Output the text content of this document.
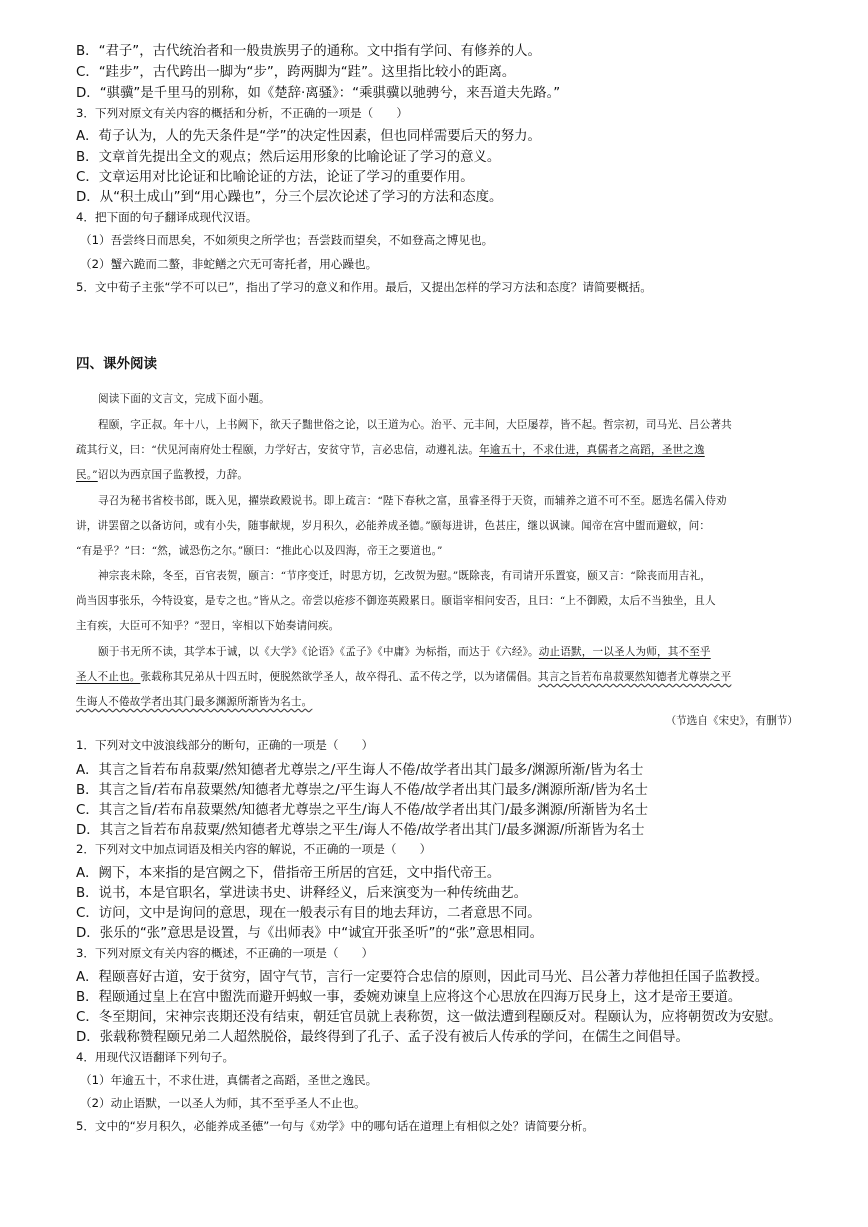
B．“君子”，古代统治者和一般贵族男子的通称。文中指有学问、有修养的人。
C．“跬步”，古代跨出一脚为“步”，跨两脚为“跬”。这里指比较小的距离。
D．“骐骥”是千里马的别称，如《楚辞·离骚》：“乘骐骥以驰骋兮，来吾道夫先路。”
3．下列对原文有关内容的概括和分析，不正确的一项是（　　）
A．荀子认为，人的先天条件是“学”的决定性因素，但也同样需要后天的努力。
B．文章首先提出全文的观点；然后运用形象的比喻论证了学习的意义。
C．文章运用对比论证和比喻论证的方法，论证了学习的重要作用。
D．从“积土成山”到“用心躁也”，分三个层次论述了学习的方法和态度。
4．把下面的句子翻译成现代汉语。
（1）吾尝终日而思矣，不如须臾之所学也；吾尝跂而望矣，不如登高之博见也。
（2）蟹六跪而二螯，非蛇鳝之穴无可寄托者，用心躁也。
5．文中荀子主张“学不可以已”，指出了学习的意义和作用。最后，又提出怎样的学习方法和态度？请简要概括。
四、课外阅读
阅读下面的文言文，完成下面小题。
程颐，字正叔。年十八，上书阙下，欲天子黜世俗之论，以王道为心。治平、元丰间，大臣屡荐，皆不起。哲宗初，司马光、吕公著共
疏其行义，曰：“伏见河南府处士程颐，力学好古，安贫守节，言必忠信，动遵礼法。年逾五十，不求仕进，真儒者之高蹈，圣世之逸
民。”诏以为西京国子监教授，力辞。
寻召为秘书省校书郎，既入见，擢崇政殿说书。即上疏言：“陛下春秋之富，虽睿圣得于天资，而辅养之道不可不至。愿选名儒入侍劝
讲，讲罢留之以备访问，或有小失，随事献规，岁月积久，必能养成圣德。”颐每进讲，色甚庄，继以讽谏。闻帝在宫中盥而避蚁，问：
“有是乎？”曰：“然，诚恐伤之尔。”颐曰：“推此心以及四海，帝王之要道也。”
神宗丧未除，冬至，百官表贺，颐言：“节序变迁，时思方切，乞改贺为慰。”既除丧，有司请开乐置宴，颐又言：“除丧而用吉礼，
尚当因事张乐，今特设宴，是专之也。”皆从之。帝尝以疮疹不御迩英殿累日。颐诣宰相问安否，且曰：“上不御殿，太后不当独坐，且人
主有疾，大臣可不知乎？”翌日，宰相以下始奏请问疾。
颐于书无所不读，其学本于诚，以《大学》《论语》《孟子》《中庸》为标指，而达于《六经》。动止语默，一以圣人为师，其不至乎
圣人不止也。张载称其兄弟从十四五时，便脱然欲学圣人，故卒得孔、孟不传之学，以为诸儒倡。其言之旨若布帛菽粟然知德者尤尊崇之平
生诲人不倦故学者出其门最多渊源所渐皆为名士。
（节选自《宋史》，有删节）
1．下列对文中波浪线部分的断句，正确的一项是（　　）
A．其言之旨若布帛菽粟/然知德者尤尊崇之/平生诲人不倦/故学者出其门最多/渊源所渐/皆为名士
B．其言之旨/若布帛菽粟然/知德者尤尊崇之/平生诲人不倦/故学者出其门最多/渊源所渐/皆为名士
C．其言之旨/若布帛菽粟然/知德者尤尊崇之平生/诲人不倦/故学者出其门/最多渊源/所渐皆为名士
D．其言之旨若布帛菽粟/然知德者尤尊崇之平生/诲人不倦/故学者出其门/最多渊源/所渐皆为名士
2．下列对文中加点词语及相关内容的解说，不正确的一项是（　　）
A．阙下，本来指的是宫阙之下，借指帝王所居的宫廷，文中指代帝王。
B．说书，本是官职名，掌进读书史、讲释经义，后来演变为一种传统曲艺。
C．访问，文中是询问的意思，现在一般表示有目的地去拜访，二者意思不同。
D．张乐的“张”意思是设置，与《出师表》中“诚宜开张圣听”的“张”意思相同。
3．下列对原文有关内容的概述，不正确的一项是（　　）
A．程颐喜好古道，安于贫穷，固守气节，言行一定要符合忠信的原则，因此司马光、吕公著力荐他担任国子监教授。
B．程颐通过皇上在宫中盥洗而避开蚂蚁一事，委婉劝谏皇上应将这个心思放在四海万民身上，这才是帝王要道。
C．冬至期间，宋神宗丧期还没有结束，朝廷官员就上表称贺，这一做法遭到程颐反对。程颐认为，应将朝贺改为安慰。
D．张载称赞程颐兄弟二人超然脱俗，最终得到了孔子、孟子没有被后人传承的学问，在儒生之间倡导。
4．用现代汉语翻译下列句子。
（1）年逾五十，不求仕进，真儒者之高蹈，圣世之逸民。
（2）动止语默，一以圣人为师，其不至乎圣人不止也。
5．文中的“岁月积久，必能养成圣德”一句与《劝学》中的哪句话在道理上有相似之处？请简要分析。
